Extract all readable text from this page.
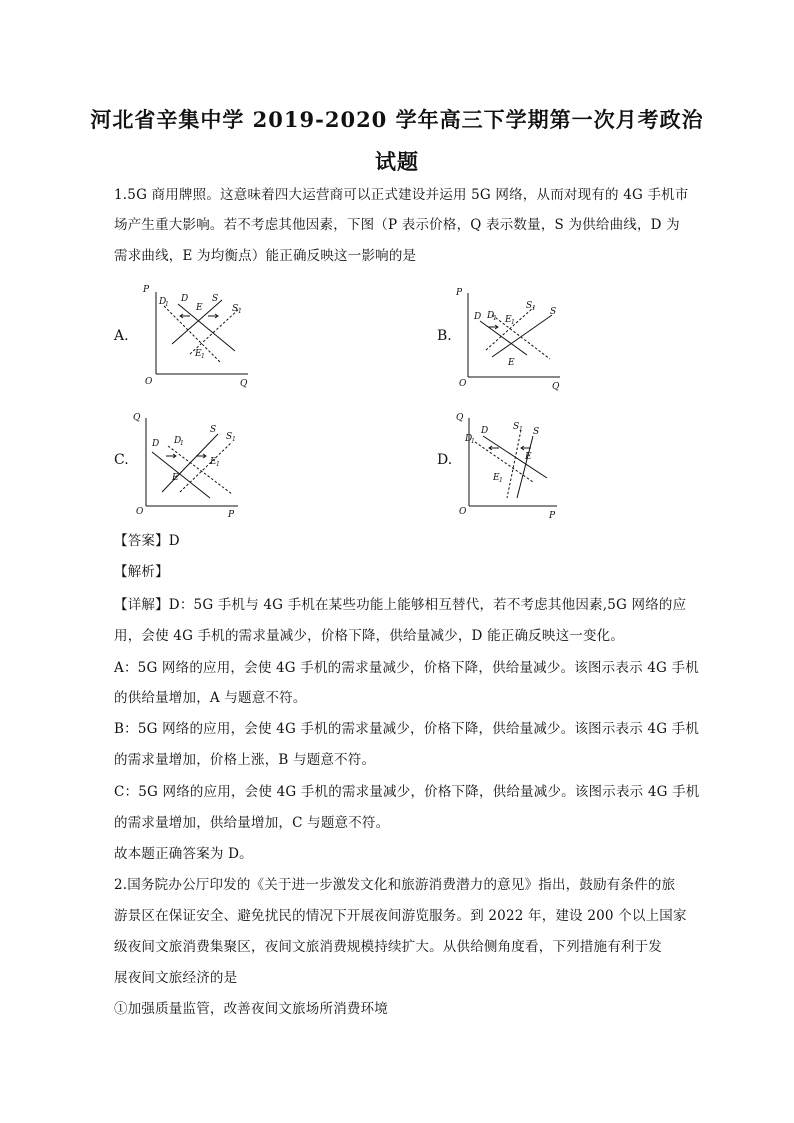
河北省辛集中学 2019-2020 学年高三下学期第一次月考政治
试题
1.5G 商用牌照。这意味着四大运营商可以正式建设并运用 5G 网络，从而对现有的 4G 手机市
场产生重大影响。若不考虑其他因素，下图（P 表示价格，Q 表示数量，S 为供给曲线，D 为
需求曲线，E 为均衡点）能正确反映这一影响的是
A.
P
Q
O
D
1
D	S
S 1
E
E 1
B.
P
Q
O
D D
1 E 1
S 1 S
E
C.
Q
P
O
D D
1
S
S 1
E 1
E
D.
Q
P
O
D
1
D	S 1 S
E
E 1
【答案】D
【解析】
【详解】D：5G 手机与 4G 手机在某些功能上能够相互替代，若不考虑其他因素,5G 网络的应
用，会使 4G 手机的需求量减少，价格下降，供给量减少，D 能正确反映这一变化。
A：5G 网络的应用，会使 4G 手机的需求量减少，价格下降，供给量减少。该图示表示 4G 手机
的供给量增加，A 与题意不符。
B：5G 网络的应用，会使 4G 手机的需求量减少，价格下降，供给量减少。该图示表示 4G 手机
的需求量增加，价格上涨，B 与题意不符。
C：5G 网络的应用，会使 4G 手机的需求量减少，价格下降，供给量减少。该图示表示 4G 手机
的需求量增加，供给量增加，C 与题意不符。
故本题正确答案为 D。
2.国务院办公厅印发的《关于进一步激发文化和旅游消费潜力的意见》指出，鼓励有条件的旅
游景区在保证安全、避免扰民的情况下开展夜间游览服务。到 2022 年，建设 200 个以上国家
级夜间文旅消费集聚区，夜间文旅消费规模持续扩大。从供给侧角度看，下列措施有利于发
展夜间文旅经济的是
①加强质量监管，改善夜间文旅场所消费环境
